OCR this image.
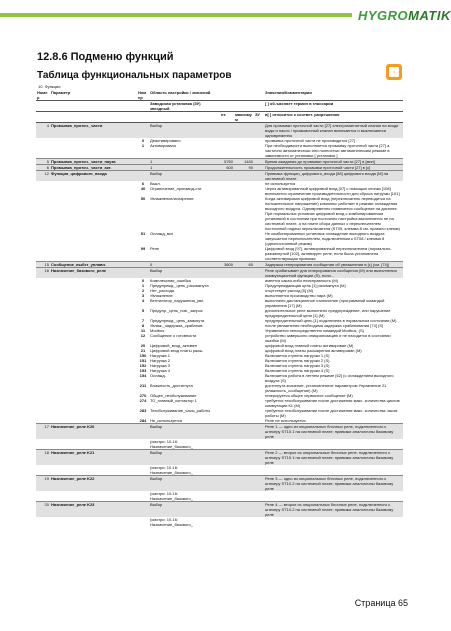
HYGROMATIK
12.8.6 Подменю функций
Таблица функциональных параметров
10. Функции
Номер	Параметр	Номер	Область настройки / значений				Значения/Комментарии
			Заводская установка (ЗУ) звездный				[ ] об-ъясняет термин в глоссарии
				пт.	максимум	ЗУ	в[ ] относится к соответ. разрешению
4	Промывка_проточ._части		Выбор				Для промывки проточной части [27] электромагнитный клапан на входе воды и насос / промывочный клапан включаются и выключаются одновременно
		0	Деактивировано				промывка проточной части не производится [27]
		1	Активировано				При необходимости выполняется промывку проточной части [27] а частично автоматически или полностью автоматическим режиме в зависимости от установки [ установки ]
5	Промывка_проточ._части_пауза		1	5760	1440		Время ожидания до промывки проточной части [27] в [мин]
6	Промывка_проточ._части_акт.		1	600	90		Продолжительность промывки проточной части [27] в [с]
12	Функция_цифрового_входа		Выбор				Привязка функции_цифрового_входа [88] цифрового входа [М] на системной плате
		6	Выкл.				не используется
		40	Ограничение_производ-сти				Через активированный цифровой вход [07] с помощью кнопки [108] включается ограничение производительности для сброса нагрузки [101]
		50	Увлажнение/испарение				Когда активирован цифровой вход (переключатель переводится на положительное напряжение) комплекс работает в режиме охлаждения выходного воздуха. Одновременно появляется сообщение на дисплее. При нормальных условиях цифровой вход с комбинированным установкой в состоянии при постоянно настройка выполняется не на системной плате, а на плате сбора данных с переключателем постоянной подачи переключателя (ST05, клемма 8 см. правило клемм)
		51	Ослажд_вкл				Не комбинированных установок охлаждение выходного воздуха запускается переключателем, подключенным к ST08 / клемма 8 (однопостоянный режим)
		99	Реле				Цифровой вход [97], активированный переключателем (нормально-разомкнутый [102], активирует реле, если была установлена соответствующая привязка
15	Сообщение_выбег_уплавн.		0	3600	60		Задержка генерирования сообщения об увлажнении в [с] (см. [74])
16	Назначение_базового_реле		Выбор				Реле срабатывает для генерирования сообщения (М) или выполнения коммутационной функции (S), если...
		0	Комплексная_ошибка				имеется какая-либо неисправность (М)
		1	Предупрежд._цепь_разомкнута				Предупреждающая цепь [1] разомкнута (М)
		2	Нет_расхода				отсутствует расход [5] (М)
		3	Увлажнение				выполняется производство пара (М)
		4	Вентилятор_нарушения_увл.				выполнено дистанционное отключение (программной командой управления [17] (М)
		5	Предупр._цепь_нов._запрос				дополнительное реле выполнено предупреждение, или нарушение предупредительной цепи [1] (М)
		7	Предупрежд._цепь_замкнута				предупредительный цепь [1] подключена в нормальном состоянии (М)
		8	Увлаж._задержка_срабатыв.				после увлажнения необходима задержка срабатывания [74] (S)
		11	Modbus				Управляется непосредственно командой Modbus, (S)
		12	Сообщение о готовности				устройство завершило инициализацию и не находится в состоянии ошибки (М)
		20	Цифровой_вход_активен				цифровой вход главной платы активирован (М)
		21	Цифровой вход платы расш.				цифровой вход платы расширения активирован (М)
		150	Нагрузка 1				Включается ступень нагрузки 1 (S)
		151	Нагрузка 2				Включается ступень нагрузки 2 (S)
		152	Нагрузка 3				Включается ступень нагрузки 3 (S)
		153	Нагрузка 4				Включается ступень нагрузки 4 (S)
		154	Ослажд.				Включается работа в летнем режиме [62] (с охлаждением выходного воздуха (S)
		211	Влажность_достигнута				достигнута значение, установленное параметром Управление 21 (влажность_сообщение) (М)
		270	Общее_необслуживание				генерируется общее сервисное сообщение (М)
		274	ТО_главный_контактор 1				требуется техобслуживание после достижения макс. количества циклов коммутации К1 (М)
		283	Техобслуживание_часы_работы				требуется техобслуживание после достижения макс. количества часов работы (М)
		284	Не_используется				Реле не используется
17	Назначение_реле K20		Выбор				Реле 1 — одно из опциональных блочных реле, подключенного к штекеру ST10.1 на системной плате; привязки аналогичны базовому реле
			(смотри: 10-16: Назначение_базового_				
18	Назначение_реле K21		Выбор				Реле 2 — второе из опциональных блочных реле, подключенного к штекеру ST10.1 на системной плате; привязки аналогичны базовому реле
			(смотри: 10-16: Назначение_базового_				
19	Назначение_реле K22		Выбор				Реле 3 — одно из опциональных блочных реле, подключенного к штекеру ST10.2 на системной плате; привязки аналогичны базовому реле
			(смотри: 10-16: Назначение_базового_				
20	Назначение_реле K23		Выбор				Реле 4 — второе из опциональных блочных реле, подключенного к штекеру ST10.2 на системной плате; привязки аналогичны базовому реле
			(смотри: 10-16: Назначение_базового_				
Страница 65
